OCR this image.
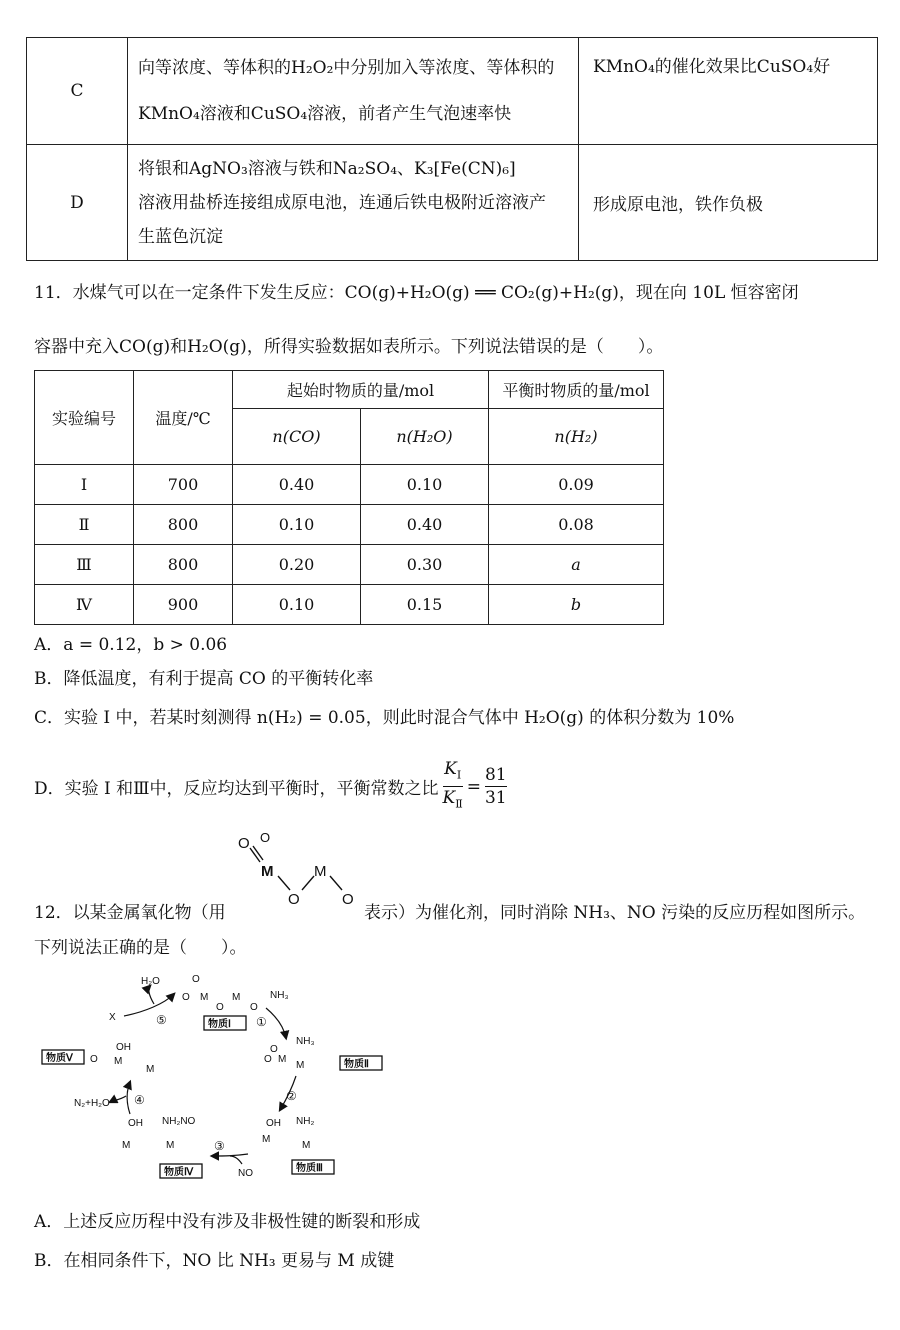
C	向等浓度、等体积的H₂O₂中分别加入等浓度、等体积的
KMnO₄溶液和CuSO₄溶液，前者产生气泡速率快	KMnO₄的催化效果比CuSO₄好
D	将银和AgNO₃溶液与铁和Na₂SO₄、K₃[Fe(CN)₆]
溶液用盐桥连接组成原电池，连通后铁电极附近溶液产
生蓝色沉淀	形成原电池，铁作负极
11．水煤气可以在一定条件下发生反应：CO(g)+H₂O(g) ══ CO₂(g)+H₂(g)，现在向 10L 恒容密闭
容器中充入CO(g)和H₂O(g)，所得实验数据如表所示。下列说法错误的是（　　）。
实验编号	温度/℃	起始时物质的量/mol		平衡时物质的量/mol
		n(CO)	n(H₂O)	n(H₂)
Ⅰ	700	0.40	0.10	0.09
Ⅱ	800	0.10	0.40	0.08
Ⅲ	800	0.20	0.30	a
Ⅳ	900	0.10	0.15	b
A．a = 0.12，b > 0.06
B．降低温度，有利于提高 CO 的平衡转化率
C．实验 Ⅰ 中，若某时刻测得 n(H₂) = 0.05，则此时混合气体中 H₂O(g) 的体积分数为 10%
D．实验 Ⅰ 和Ⅲ中，反应均达到平衡时，平衡常数之比 $\frac{K_Ⅰ}{K_Ⅱ} = \frac{81}{31}$
12．以某金属氧化物（用
O O
M
O
M
O
表示）为催化剂，同时消除 NH₃、NO 污染的反应历程如图所示。
下列说法正确的是（　　）。
H₂O
X	⑤
O
O M
O
M
O
NH₃
①
物质Ⅰ
NH₃
O
O M
M	物质Ⅱ
②
OH NH₂
M
M
物质Ⅲ
③
NO
OH NH₂NO
M	M
物质Ⅳ
N₂+H₂O ④
物质Ⅴ
OH
O M
M
A．上述反应历程中没有涉及非极性键的断裂和形成
B．在相同条件下，NO 比 NH₃ 更易与 M 成键
